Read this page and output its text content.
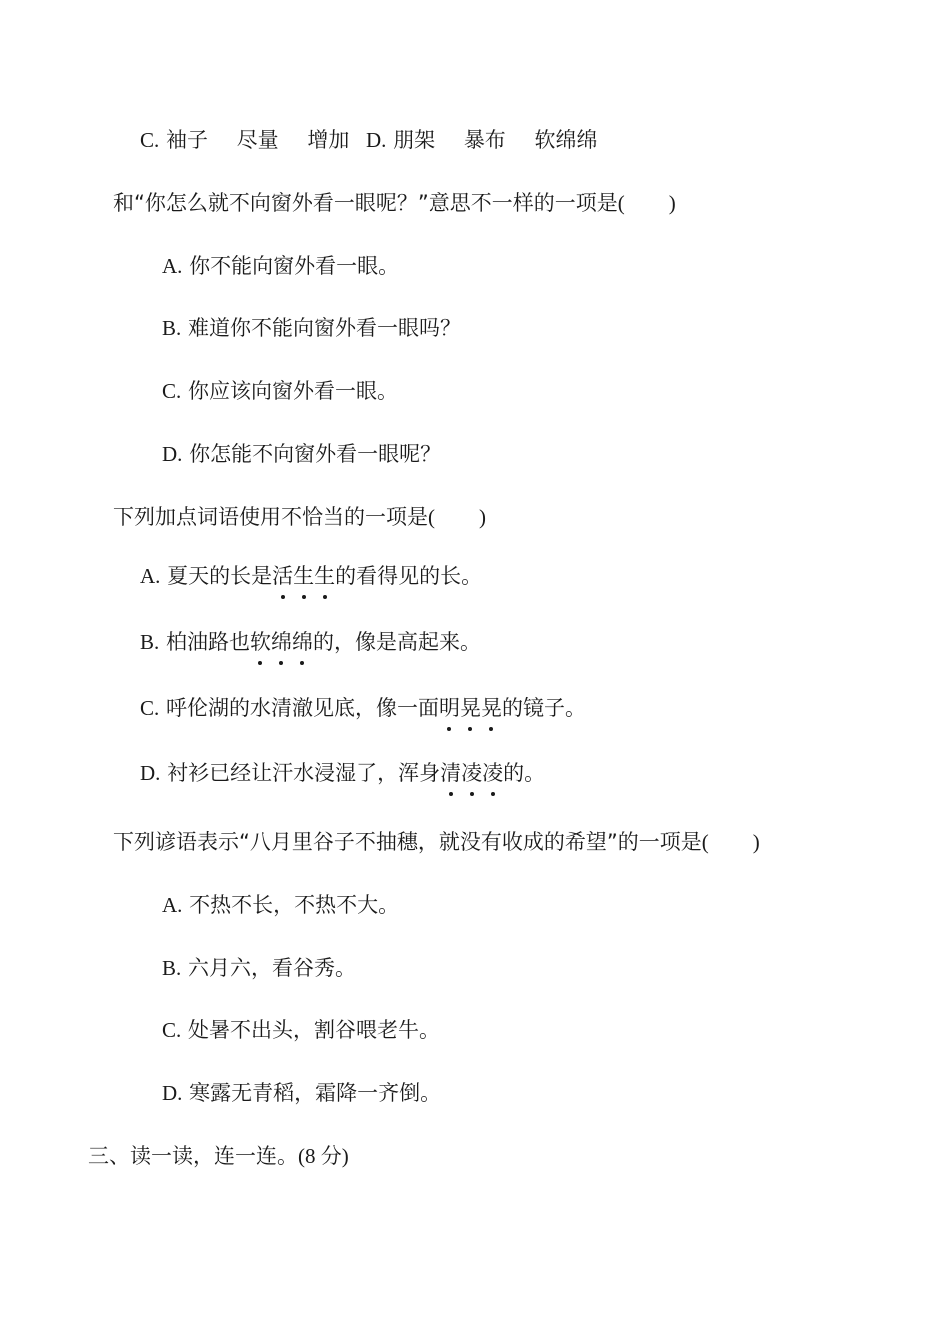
C. 袖子 尽量 增加 D. 朋架 暴布 软绵绵
和“你怎么就不向窗外看一眼呢？”意思不一样的一项是( )
A. 你不能向窗外看一眼。
B. 难道你不能向窗外看一眼吗？
C. 你应该向窗外看一眼。
D. 你怎能不向窗外看一眼呢？
下列加点词语使用不恰当的一项是( )
A. 夏天的长是活生生的看得见的长。
B. 柏油路也软绵绵的，像是高起来。
C. 呼伦湖的水清澈见底，像一面明晃晃的镜子。
D. 衬衫已经让汗水浸湿了，浑身清凌凌的。
下列谚语表示“八月里谷子不抽穗，就没有收成的希望”的一项是( )
A. 不热不长，不热不大。
B. 六月六，看谷秀。
C. 处暑不出头，割谷喂老牛。
D. 寒露无青稻，霜降一齐倒。
三、读一读，连一连。(8 分)
